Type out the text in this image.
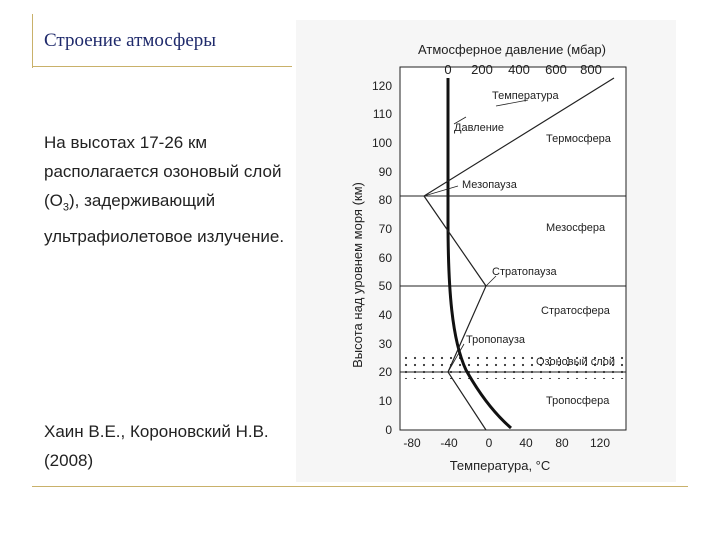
Строение атмосферы
На высотах 17-26 км располагается озоновый слой $(О_3)$, задерживающий ультрафиолетовое излучение.
Хаин В.Е., Короновский Н.В. (2008)
Атмосферное давление (мбар)
0 200 400 600 800
0
10
20
30
40
50
60
70
80
90
100
110
120
Высота над уровнем моря (км)
-80 -40 0 40 80 120
Температура, °C
Температура
Давление
Термосфера
Мезопауза
Мезосфера
Стратопауза
Стратосфера
Тропопауза
Озоновый слой
Тропосфера
